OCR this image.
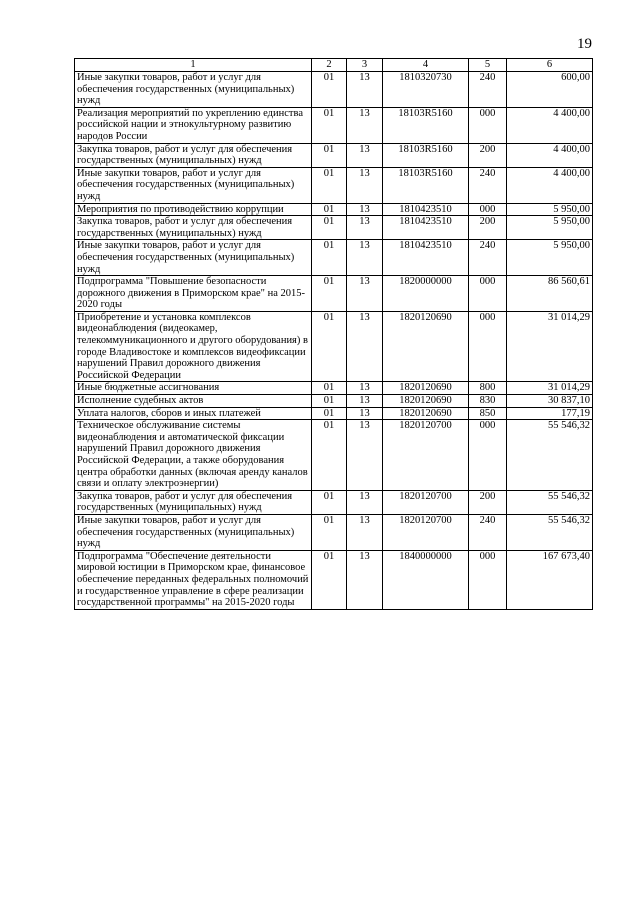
19
1	2	3	4	5	6
Иные закупки товаров, работ и услуг для обеспечения государственных (муниципальных) нужд	01	13	1810320730	240	600,00
Реализация мероприятий по укреплению единства российской нации и этнокультурному развитию народов России	01	13	18103R5160	000	4 400,00
Закупка товаров, работ и услуг для обеспечения государственных (муниципальных) нужд	01	13	18103R5160	200	4 400,00
Иные закупки товаров, работ и услуг для обеспечения государственных (муниципальных) нужд	01	13	18103R5160	240	4 400,00
Мероприятия по противодействию коррупции	01	13	1810423510	000	5 950,00
Закупка товаров, работ и услуг для обеспечения государственных (муниципальных) нужд	01	13	1810423510	200	5 950,00
Иные закупки товаров, работ и услуг для обеспечения государственных (муниципальных) нужд	01	13	1810423510	240	5 950,00
Подпрограмма "Повышение безопасности дорожного движения в Приморском крае" на 2015-2020 годы	01	13	1820000000	000	86 560,61
Приобретение и установка комплексов видеонаблюдения (видеокамер, телекоммуникационного и другого оборудования) в городе Владивостоке и комплексов видеофиксации нарушений Правил дорожного движения Российской Федерации	01	13	1820120690	000	31 014,29
Иные бюджетные ассигнования	01	13	1820120690	800	31 014,29
Исполнение судебных актов	01	13	1820120690	830	30 837,10
Уплата налогов, сборов и иных платежей	01	13	1820120690	850	177,19
Техническое обслуживание системы видеонаблюдения и автоматической фиксации нарушений Правил дорожного движения Российской Федерации, а также оборудования центра обработки данных (включая аренду каналов связи и оплату электроэнергии)	01	13	1820120700	000	55 546,32
Закупка товаров, работ и услуг для обеспечения государственных (муниципальных) нужд	01	13	1820120700	200	55 546,32
Иные закупки товаров, работ и услуг для обеспечения государственных (муниципальных) нужд	01	13	1820120700	240	55 546,32
Подпрограмма "Обеспечение деятельности мировой юстиции в Приморском крае, финансовое обеспечение переданных федеральных полномочий и государственное управление в сфере реализации государственной программы" на 2015-2020 годы	01	13	1840000000	000	167 673,40
